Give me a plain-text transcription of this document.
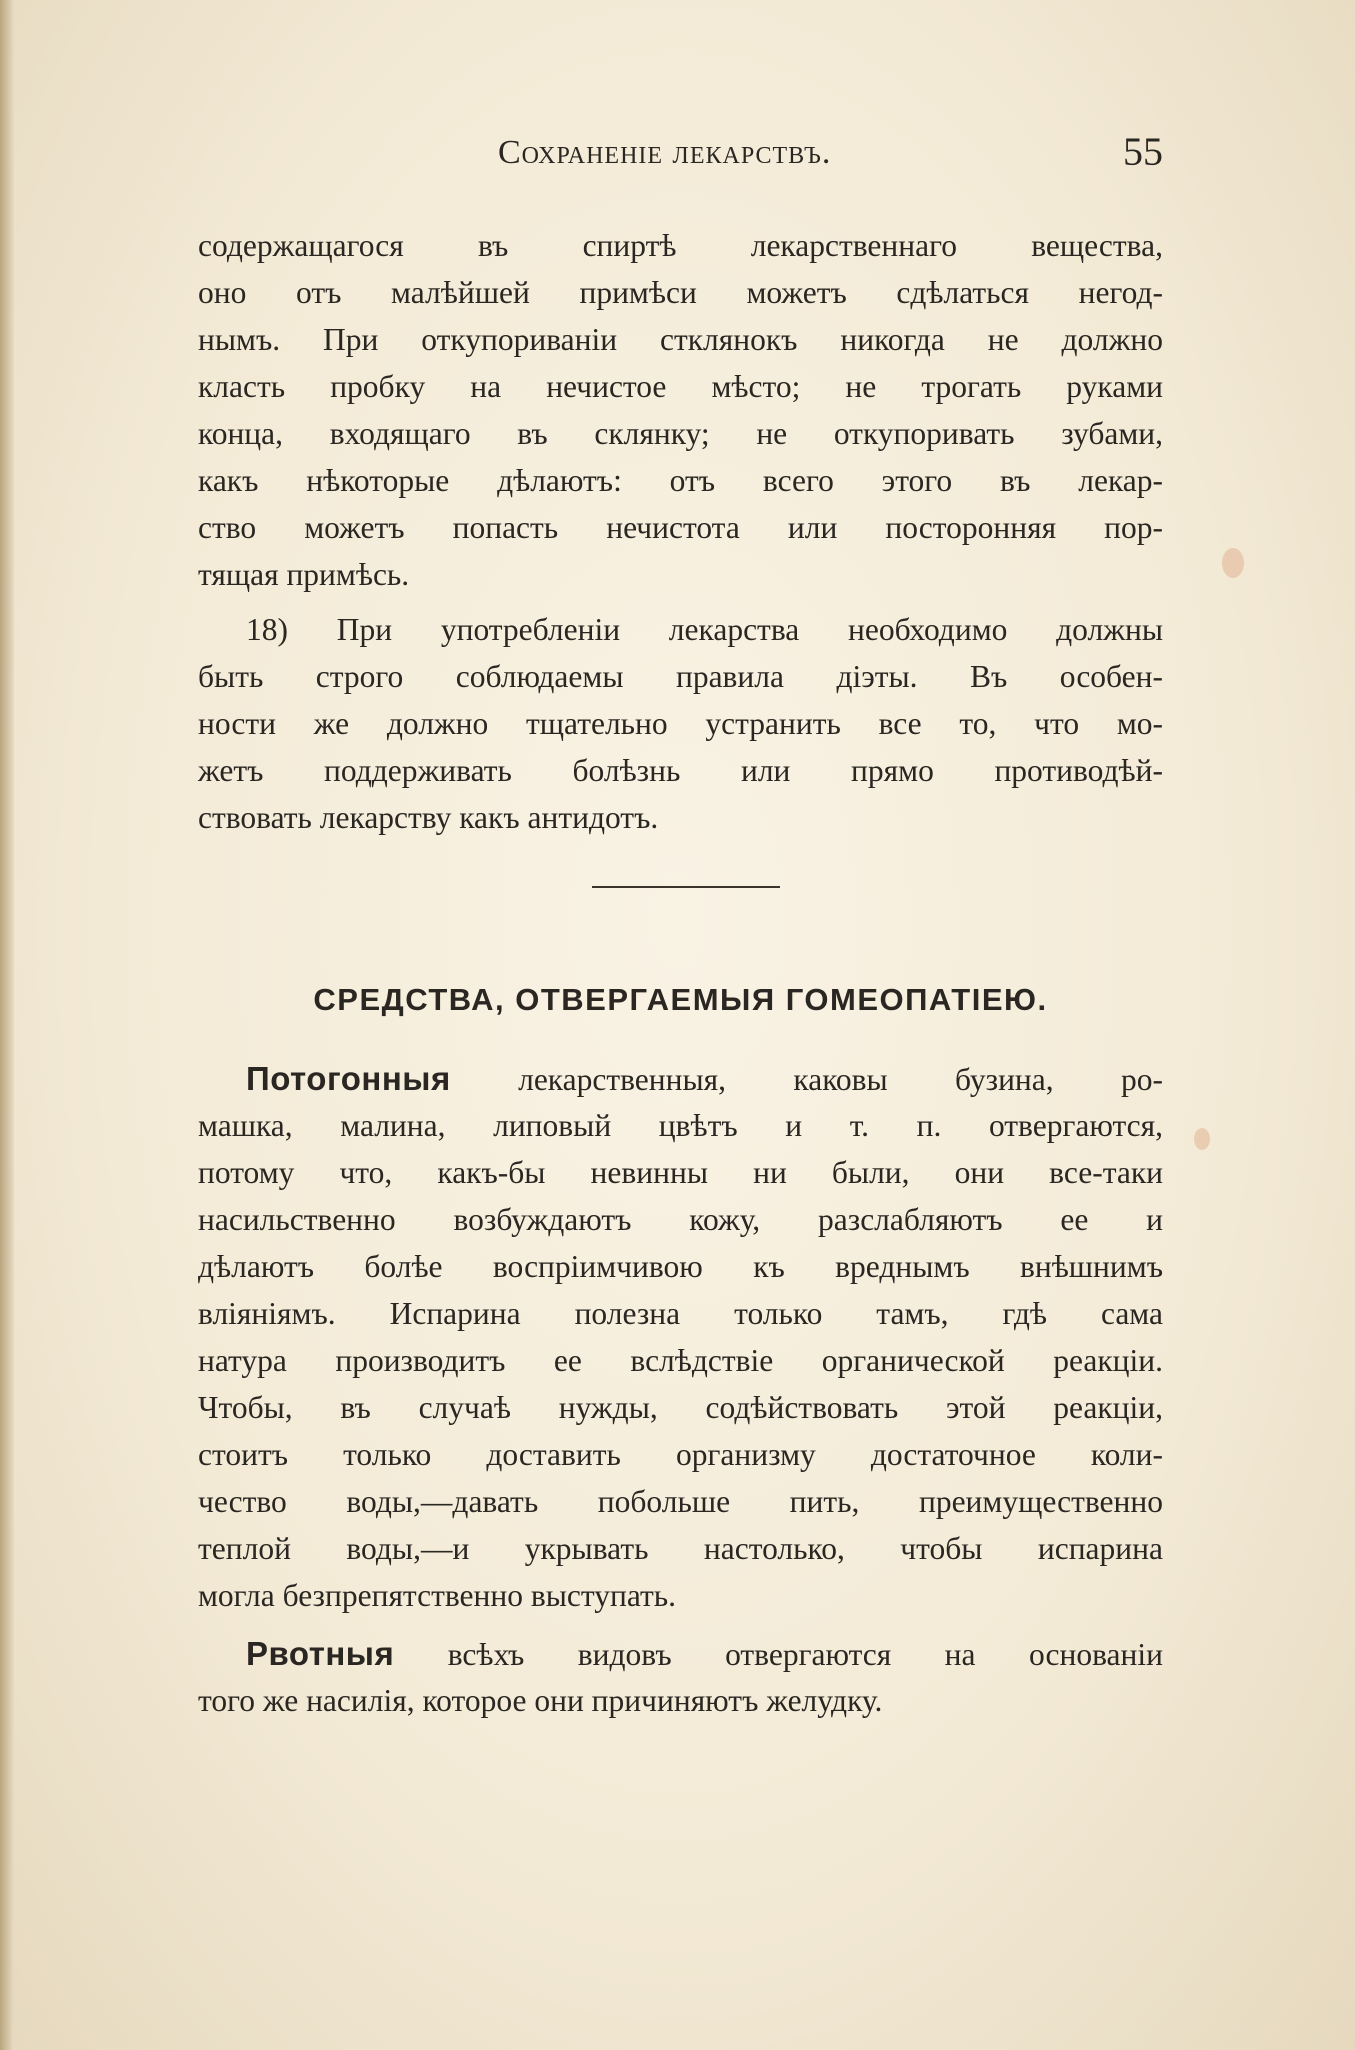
Сохраненіе лекарствъ.	55
содержащагося въ спиртѣ лекарственнаго вещества,
оно отъ малѣйшей примѣси можетъ сдѣлаться негод-
нымъ. При откупориваніи стклянокъ никогда не должно
класть пробку на нечистое мѣсто; не трогать руками
конца, входящаго въ склянку; не откупоривать зубами,
какъ нѣкоторые дѣлаютъ: отъ всего этого въ лекар-
ство можетъ попасть нечистота или посторонняя пор-
тящая примѣсь.
18) При употребленіи лекарства необходимо должны
быть строго соблюдаемы правила діэты. Въ особен-
ности же должно тщательно устранить все то, что мо-
жетъ поддерживать болѣзнь или прямо противодѣй-
ствовать лекарству какъ антидотъ.
СРЕДСТВА, ОТВЕРГАЕМЫЯ ГОМЕОПАТІЕЮ.
Потогонныя лекарственныя, каковы бузина, ро-
машка, малина, липовый цвѣтъ и т. п. отвергаются,
потому что, какъ-бы невинны ни были, они все-таки
насильственно возбуждаютъ кожу, разслабляютъ ее и
дѣлаютъ болѣе воспріимчивою къ вреднымъ внѣшнимъ
вліяніямъ. Испарина полезна только тамъ, гдѣ сама
натура производитъ ее вслѣдствіе органической реакціи.
Чтобы, въ случаѣ нужды, содѣйствовать этой реакціи,
стоитъ только доставить организму достаточное коли-
чество воды,—давать побольше пить, преимущественно
теплой воды,—и укрывать настолько, чтобы испарина
могла безпрепятственно выступать.
Рвотныя всѣхъ видовъ отвергаются на основаніи
того же насилія, которое они причиняютъ желудку.
